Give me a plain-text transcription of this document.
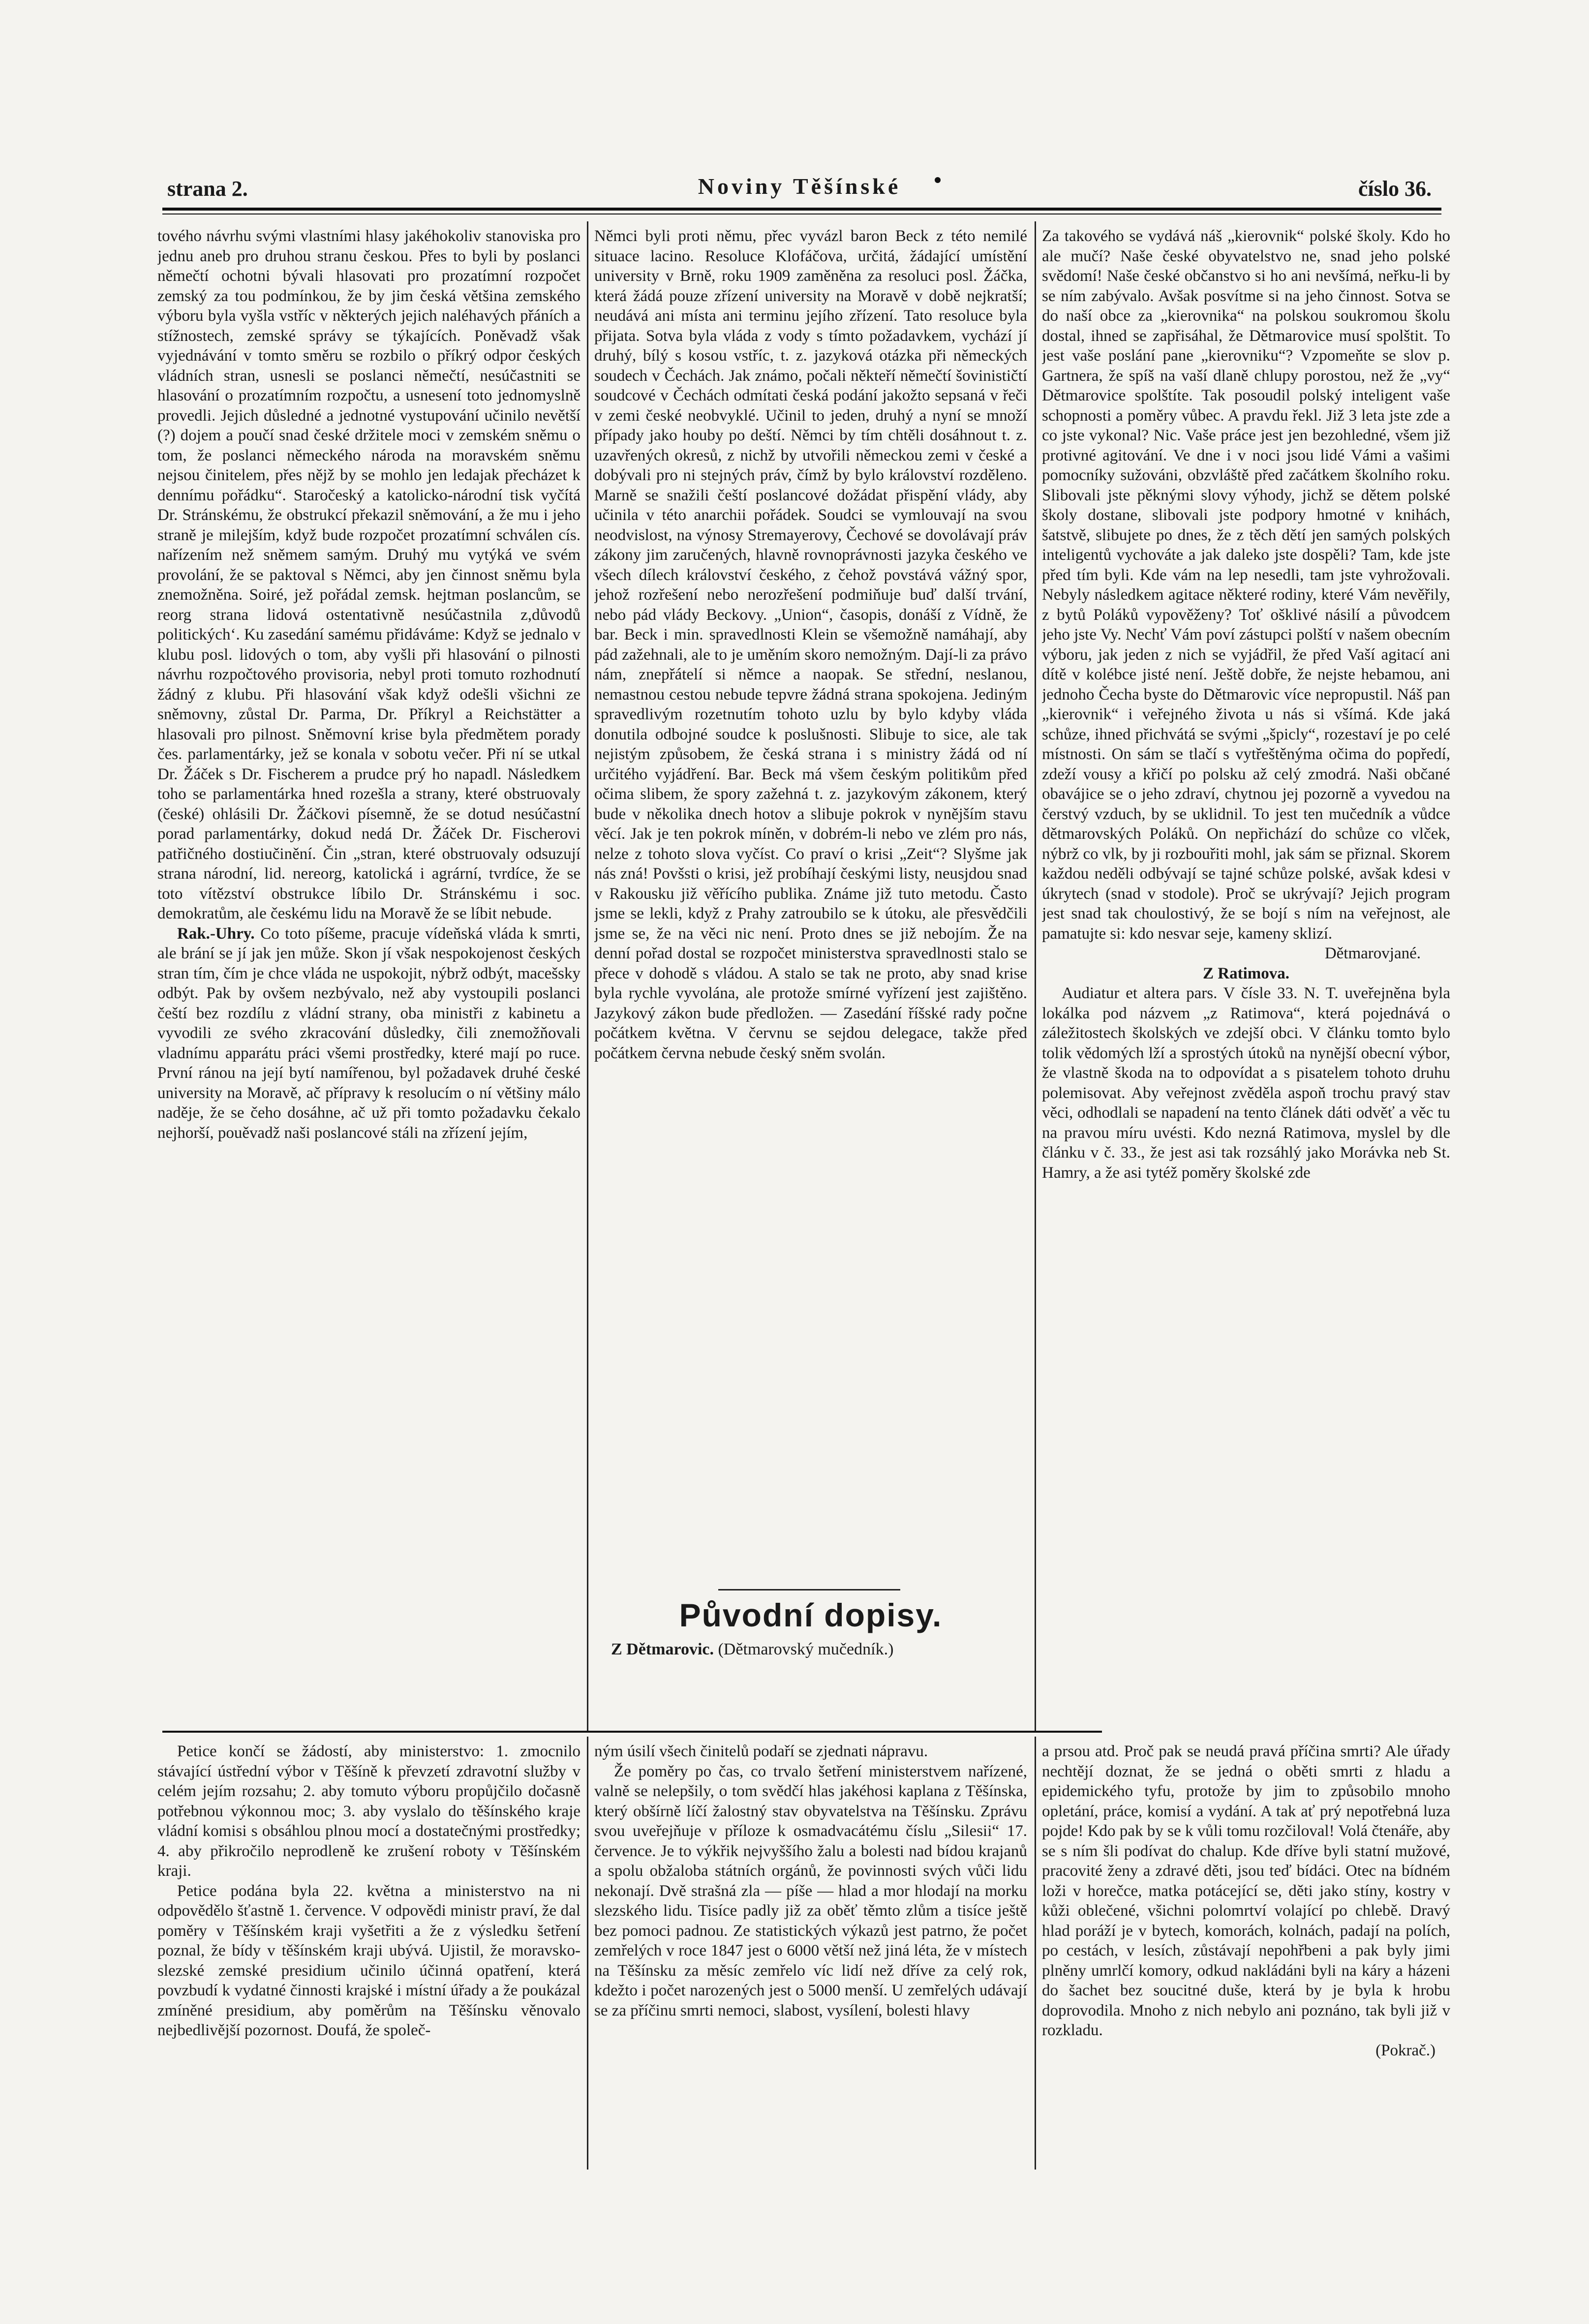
strana 2.	Noviny Těšínské	číslo 36.

tového návrhu svými vlastními hlasy jakéhokoliv stanoviska pro jednu aneb pro druhou stranu českou. Přes to byli by poslanci němečtí ochotni bývali hlasovati pro prozatímní rozpočet zemský za tou podmínkou, že by jim česká většina zemského výboru byla vyšla vstříc v některých jejich naléhavých přáních a stížnostech, zemské správy se týkajících. Poněvadž však vyjednávání v tomto směru se rozbilo o příkrý odpor českých vládních stran, usnesli se poslanci němečtí, nesúčastniti se hlasování o prozatímním rozpočtu, a usnesení toto jednomyslně provedli. Jejich důsledné a jednotné vystupování učinilo nevětší (?) dojem a poučí snad české držitele moci v zemském sněmu o tom, že poslanci německého národa na moravském sněmu nejsou činitelem, přes nějž by se mohlo jen ledajak přecházet k dennímu pořádku“. Staročeský a katolicko-národní tisk vyčítá Dr. Stránskému, že obstrukcí překazil sněmování, a že mu i jeho straně je milejším, když bude rozpočet prozatímní schválen cís. nařízením než sněmem samým. Druhý mu vytýká ve svém provolání, že se paktoval s Němci, aby jen činnost sněmu byla znemožněna. Soiré, jež pořádal zemsk. hejtman poslancům, se reorg strana lidová ostentativně nesúčastnila z,důvodů politických‘. Ku zasedání samému přidáváme: Když se jednalo v klubu posl. lidových o tom, aby vyšli při hlasování o pilnosti návrhu rozpočtového provisoria, nebyl proti tomuto rozhodnutí žádný z klubu. Při hlasování však když odešli všichni ze sněmovny, zůstal Dr. Parma, Dr. Příkryl a Reichstätter a hlasovali pro pilnost. Sněmovní krise byla předmětem porady čes. parlamentárky, jež se konala v sobotu večer. Při ní se utkal Dr. Žáček s Dr. Fischerem a prudce prý ho napadl. Následkem toho se parlamentárka hned rozešla a strany, které obstruovaly (české) ohlásili Dr. Žáčkovi písemně, že se dotud nesúčastní porad parlamentárky, dokud nedá Dr. Žáček Dr. Fischerovi patřičného dostiučinění. Čin „stran, které obstruovaly odsuzují strana národní, lid. nereorg, katolická i agrární, tvrdíce, že se toto vítězství obstrukce líbilo Dr. Stránskému i soc. demokratům, ale českému lidu na Moravě že se líbit nebude.

Rak.-Uhry. Co toto píšeme, pracuje vídeňská vláda k smrti, ale brání se jí jak jen může. Skon jí však nespokojenost českých stran tím, čím je chce vláda ne uspokojit, nýbrž odbýt, macešsky odbýt. Pak by ovšem nezbývalo, než aby vystoupili poslanci čeští bez rozdílu z vládní strany, oba ministři z kabinetu a vyvodili ze svého zkracování důsledky, čili znemožňovali vladnímu apparátu práci všemi prostředky, které mají po ruce. První ránou na její bytí namířenou, byl požadavek druhé české university na Moravě, ač přípravy k resolucím o ní většiny málo naděje, že se čeho dosáhne, ač už při tomto požadavku čekalo nejhorší, pouěvadž naši poslancové stáli na zřízení jejím,

Němci byli proti němu, přec vyvázl baron Beck z této nemilé situace lacino. Resoluce Klofáčova, určitá, žádající umístění university v Brně, roku 1909 zaměněna za resoluci posl. Žáčka, která žádá pouze zřízení university na Moravě v době nejkratší; neudává ani místa ani terminu jejího zřízení. Tato resoluce byla přijata. Sotva byla vláda z vody s tímto požadavkem, vychází jí druhý, bílý s kosou vstříc, t. z. jazyková otázka při německých soudech v Čechách. Jak známo, počali někteří němečtí šovinističtí soudcové v Čechách odmítati česká podání jakožto sepsaná v řeči v zemi české neobvyklé. Učinil to jeden, druhý a nyní se množí případy jako houby po deští. Němci by tím chtěli dosáhnout t. z. uzavřených okresů, z nichž by utvořili německou zemi v české a dobývali pro ni stejných práv, čímž by bylo království rozděleno. Marně se snažili čeští poslancové dožádat přispění vlády, aby učinila v této anarchii pořádek. Soudci se vymlouvají na svou neodvislost, na výnosy Stremayerovy, Čechové se dovolávají práv zákony jim zaručených, hlavně rovnoprávnosti jazyka českého ve všech dílech království českého, z čehož povstává vážný spor, jehož rozřešení nebo nerozřešení podmiňuje buď další trvání, nebo pád vlády Beckovy. „Union“, časopis, donáší z Vídně, že bar. Beck i min. spravedlnosti Klein se všemožně namáhají, aby pád zažehnali, ale to je uměním skoro nemožným. Dají-li za právo nám, znepřátelí si němce a naopak. Se střední, neslanou, nemastnou cestou nebude tepvre žádná strana spokojena. Jediným spravedlivým rozetnutím tohoto uzlu by bylo kdyby vláda donutila odbojné soudce k poslušnosti. Slibuje to sice, ale tak nejistým způsobem, že česká strana i s ministry žádá od ní určitého vyjádření. Bar. Beck má všem českým politikům před očima slibem, že spory zažehná t. z. jazykovým zákonem, který bude v několika dnech hotov a slibuje pokrok v nynějším stavu věcí. Jak je ten pokrok míněn, v dobrém-li nebo ve zlém pro nás, nelze z tohoto slova vyčíst. Co praví o krisi „Zeit“? Slyšme jak nás zná! Povšsti o krisi, jež probíhají českými listy, neusjdou snad v Rakousku již věřícího publika. Známe již tuto metodu. Často jsme se lekli, když z Prahy zatroubilo se k útoku, ale přesvědčili jsme se, že na věci nic není. Proto dnes se již nebojím. Že na denní pořad dostal se rozpočet ministerstva spravedlnosti stalo se přece v dohodě s vládou. A stalo se tak ne proto, aby snad krise byla rychle vyvolána, ale protože smírné vyřízení jest zajištěno. Jazykový zákon bude předložen. — Zasedání říšské rady počne počátkem května. V červnu se sejdou delegace, takže před počátkem června nebude český sněm svolán.

Původní dopisy.
Z Dětmarovic. (Dětmarovský mučedník.)

Za takového se vydává náš „kierovnik“ polské školy. Kdo ho ale mučí? Naše české obyvatelstvo ne, snad jeho polské svědomí! Naše české občanstvo si ho ani nevšímá, neřku-li by se ním zabývalo. Avšak posvítme si na jeho činnost. Sotva se do naší obce za „kierovnika“ na polskou soukromou školu dostal, ihned se zapřisáhal, že Dětmarovice musí spolštit. To jest vaše poslání pane „kierovniku“? Vzpomeňte se slov p. Gartnera, že spíš na vaší dlaně chlupy porostou, než že „vy“ Dětmarovice spolštíte. Tak posoudil polský inteligent vaše schopnosti a poměry vůbec. A pravdu řekl. Již 3 leta jste zde a co jste vykonal? Nic. Vaše práce jest jen bezohledné, všem již protivné agitování. Ve dne i v noci jsou lidé Vámi a vašimi pomocníky sužováni, obzvláště před začátkem školního roku. Slibovali jste pěknými slovy výhody, jichž se dětem polské školy dostane, slibovali jste podpory hmotné v knihách, šatstvě, slibujete po dnes, že z těch dětí jen samých polských inteligentů vychováte a jak daleko jste dospěli? Tam, kde jste před tím byli. Kde vám na lep nesedli, tam jste vyhrožovali. Nebyly následkem agitace některé rodiny, které Vám nevěřily, z bytů Poláků vypověženy? Toť ošklivé násilí a původcem jeho jste Vy. Nechť Vám poví zástupci polští v našem obecním výboru, jak jeden z nich se vyjádřil, že před Vaší agitací ani dítě v kolébce jisté není. Ještě dobře, že nejste hebamou, ani jednoho Čecha byste do Dětmarovic více nepropustil. Náš pan „kierovnik“ i veřejného života u nás si všímá. Kde jaká schůze, ihned přichvátá se svými „špicly“, rozestaví je po celé místnosti. On sám se tlačí s vytřeštěnýma očima do popředí, zdeží vousy a křičí po polsku až celý zmodrá. Naši občané obavájice se o jeho zdraví, chytnou jej pozorně a vyvedou na čerstvý vzduch, by se uklidnil. To jest ten mučedník a vůdce dětmarovských Poláků. On nepřichází do schůze co vlček, nýbrž co vlk, by ji rozbouřiti mohl, jak sám se přiznal. Skorem každou neděli odbývají se tajné schůze polské, avšak kdesi v úkrytech (snad v stodole). Proč se ukrývají? Jejich program jest snad tak choulostivý, že se bojí s ním na veřejnost, ale pamatujte si: kdo nesvar seje, kameny sklizí.

Dětmarovjané.

Z Ratimova.

Audiatur et altera pars. V čísle 33. N. T. uveřejněna byla lokálka pod názvem „z Ratimova“, která pojednává o záležitostech školských ve zdejší obci. V článku tomto bylo tolik vědomých lží a sprostých útoků na nynější obecní výbor, že vlastně škoda na to odpovídat a s pisatelem tohoto druhu polemisovat. Aby veřejnost zvěděla aspoň trochu pravý stav věci, odhodlali se napadení na tento článek dáti odvěť a věc tu na pravou míru uvésti. Kdo nezná Ratimova, myslel by dle článku v č. 33., že jest asi tak rozsáhlý jako Morávka neb St. Hamry, a že asi tytéž poměry školské zde

Petice končí se žádostí, aby ministerstvo: 1. zmocnilo stávající ústřední výbor v Těšíně k převzetí zdravotní služby v celém jejím rozsahu; 2. aby tomuto výboru propůjčilo dočasně potřebnou výkonnou moc; 3. aby vyslalo do těšínského kraje vládní komisi s obsáhlou plnou mocí a dostatečnými prostředky; 4. aby přikročilo neprodleně ke zrušení roboty v Těšínském kraji.

Petice podána byla 22. května a ministerstvo na ni odpovědělo šťastně 1. července. V odpovědi ministr praví, že dal poměry v Těšínském kraji vyšetřiti a že z výsledku šetření poznal, že bídy v těšínském kraji ubývá. Ujistil, že moravsko-slezské zemské presidium učinilo účinná opatření, která povzbudí k vydatné činnosti krajské i místní úřady a že poukázal zmíněné presidium, aby poměrům na Těšínsku věnovalo nejbedlivější pozornost. Doufá, že společ-

ným úsilí všech činitelů podaří se zjednati nápravu.

Že poměry po čas, co trvalo šetření ministerstvem nařízené, valně se nelepšily, o tom svědčí hlas jakéhosi kaplana z Těšínska, který obšírně líčí žalostný stav obyvatelstva na Těšínsku. Zprávu svou uveřejňuje v příloze k osmadvacátému číslu „Silesii“ 17. července. Je to výkřik nejvyššího žalu a bolesti nad bídou krajanů a spolu obžaloba státních orgánů, že povinnosti svých vůči lidu nekonají. Dvě strašná zla — píše — hlad a mor hlodají na morku slezského lidu. Tisíce padly již za oběť těmto zlům a tisíce ještě bez pomoci padnou. Ze statistických výkazů jest patrno, že počet zemřelých v roce 1847 jest o 6000 větší než jiná léta, že v místech na Těšínsku za měsíc zemřelo víc lidí než dříve za celý rok, kdežto i počet narozených jest o 5000 menší. U zemřelých udávají se za příčinu smrti nemoci, slabost, vysílení, bolesti hlavy

a prsou atd. Proč pak se neudá pravá příčina smrti? Ale úřady nechtějí doznat, že se jedná o oběti smrti z hladu a epidemického tyfu, protože by jim to způsobilo mnoho opletání, práce, komisí a vydání. A tak ať prý nepotřebná luza pojde! Kdo pak by se k vůli tomu rozčiloval! Volá čtenáře, aby se s ním šli podívat do chalup. Kde dříve byli statní mužové, pracovité ženy a zdravé děti, jsou teď bídáci. Otec na bídném loži v horečce, matka potácející se, děti jako stíny, kostry v kůži oblečené, všichni polomrtví volající po chlebě. Dravý hlad poráží je v bytech, komorách, kolnách, padají na polích, po cestách, v lesích, zůstávají nepohřbeni a pak byly jimi plněny umrlčí komory, odkud nakládáni byli na káry a házeni do šachet bez soucitné duše, která by je byla k hrobu doprovodila. Mnoho z nich nebylo ani poznáno, tak byli již v rozkladu.

(Pokrač.)
